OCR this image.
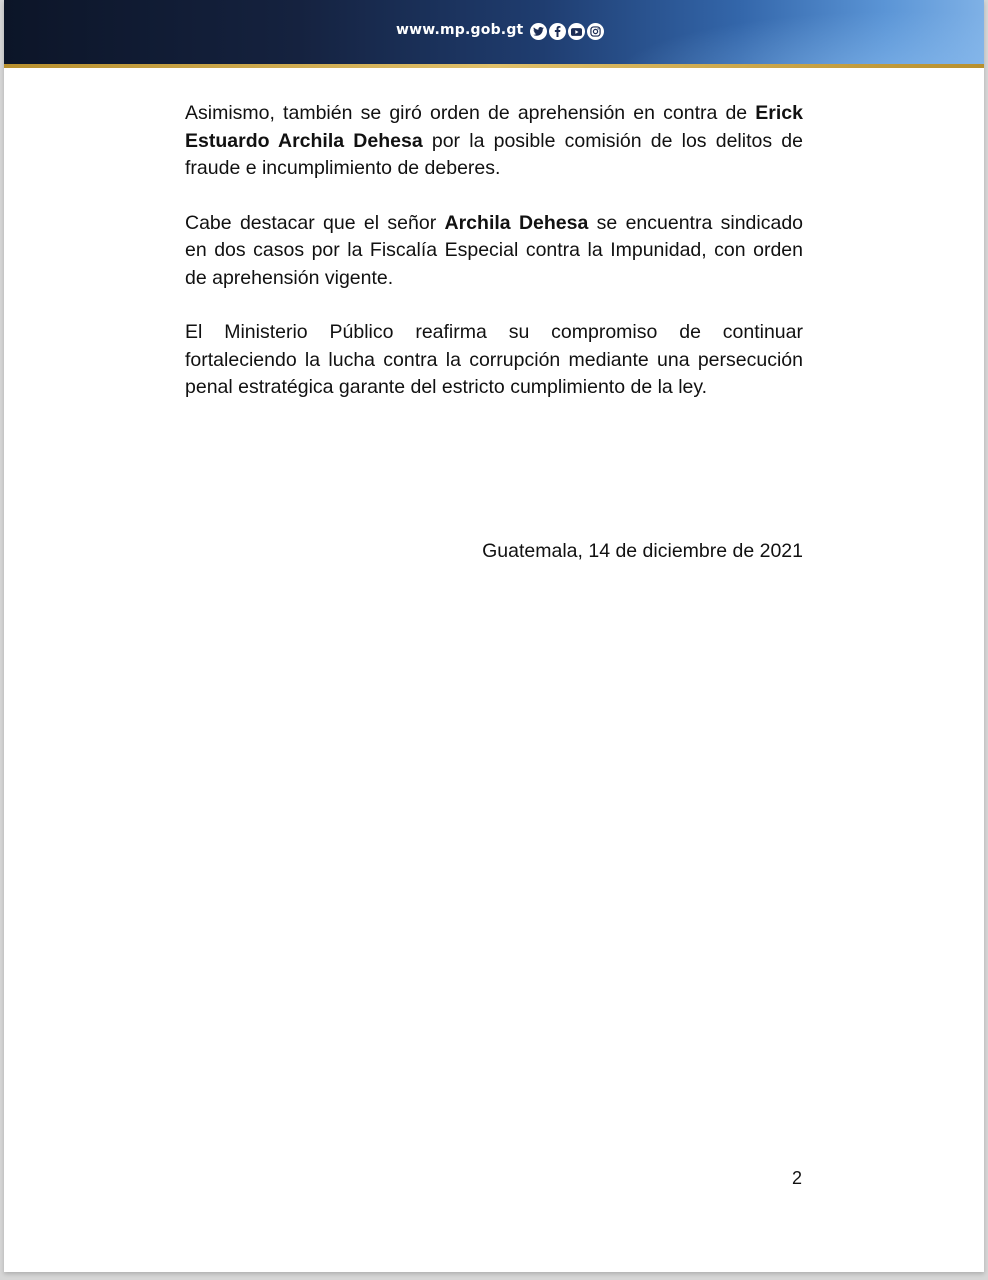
www.mp.gob.gt

Asimismo, también se giró orden de aprehensión en contra de Erick Estuardo Archila Dehesa por la posible comisión de los delitos de fraude e incumplimiento de deberes.

Cabe destacar que el señor Archila Dehesa se encuentra sindicado en dos casos por la Fiscalía Especial contra la Impunidad, con orden de aprehensión vigente.

El Ministerio Público reafirma su compromiso de continuar fortaleciendo la lucha contra la corrupción mediante una persecución penal estratégica garante del estricto cumplimiento de la ley.

Guatemala, 14 de diciembre de 2021
2
